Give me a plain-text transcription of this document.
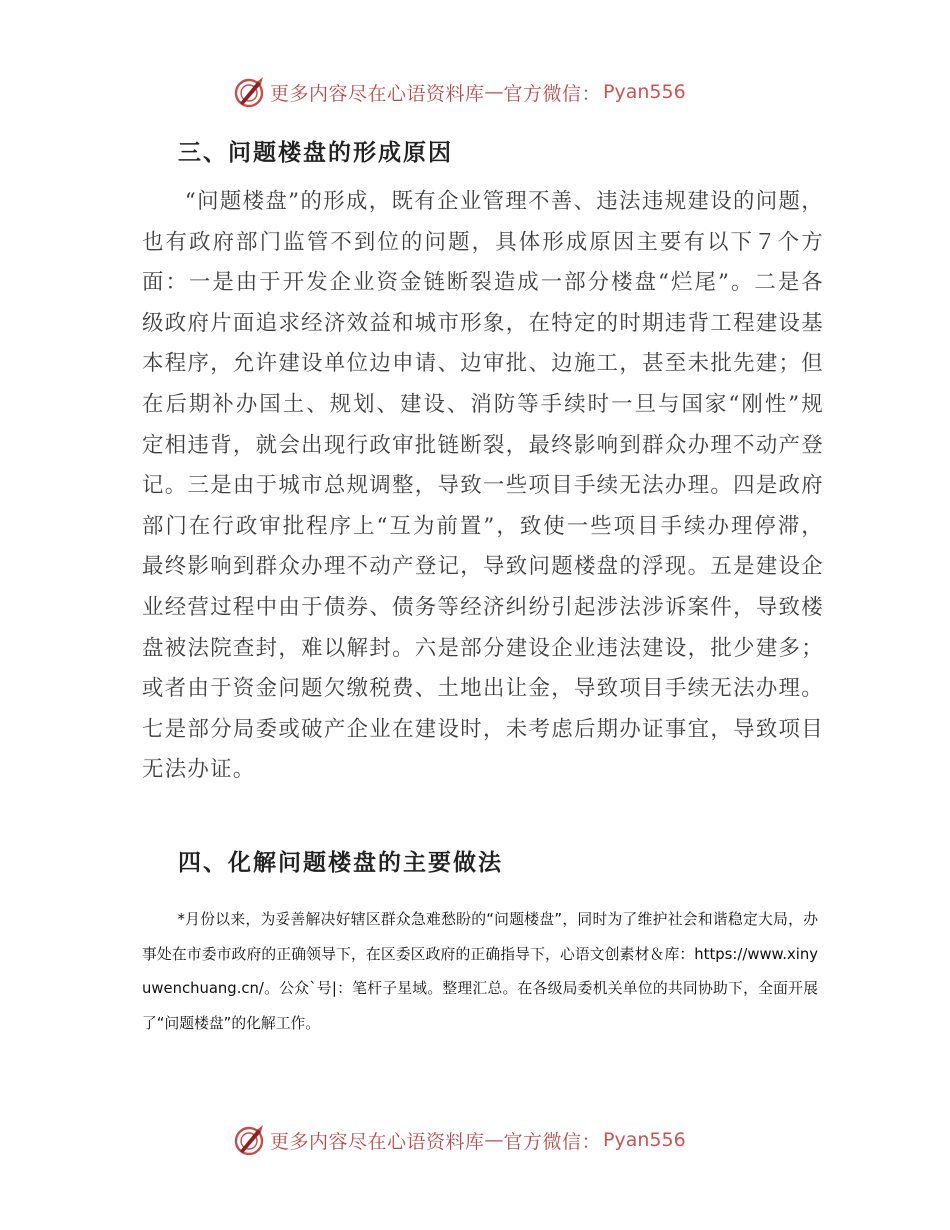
更多内容尽在心语资料库 — 官方微信： Pyan556
三、问题楼盘的形成原因

“问题楼盘”的形成，既有企业管理不善、违法违规建设的问题，也有政府部门监管不到位的问题，具体形成原因主要有以下７个方面：一是由于开发企业资金链断裂造成一部分楼盘“烂尾”。二是各级政府片面追求经济效益和城市形象，在特定的时期违背工程建设基本程序，允许建设单位边申请、边审批、边施工，甚至未批先建；但在后期补办国土、规划、建设、消防等手续时一旦与国家“刚性”规定相违背，就会出现行政审批链断裂，最终影响到群众办理不动产登记。三是由于城市总规调整，导致一些项目手续无法办理。四是政府部门在行政审批程序上“互为前置”，致使一些项目手续办理停滞，最终影响到群众办理不动产登记，导致问题楼盘的浮现。五是建设企业经营过程中由于债券、债务等经济纠纷引起涉法涉诉案件，导致楼盘被法院查封，难以解封。六是部分建设企业违法建设，批少建多；或者由于资金问题欠缴税费、土地出让金，导致项目手续无法办理。七是部分局委或破产企业在建设时，未考虑后期办证事宜，导致项目无法办证。

四、化解问题楼盘的主要做法

*月份以来，为妥善解决好辖区群众急难愁盼的“问题楼盘”，同时为了维护社会和谐稳定大局，办事处在市委市政府的正确领导下，在区委区政府的正确指导下，心语文创素材＆库：https://www.xinyuwenchuang.cn/。公众`号|：笔杆子星域。整理汇总。在各级局委机关单位的共同协助下，全面开展了“问题楼盘”的化解工作。

更多内容尽在心语资料库 — 官方微信： Pyan556
